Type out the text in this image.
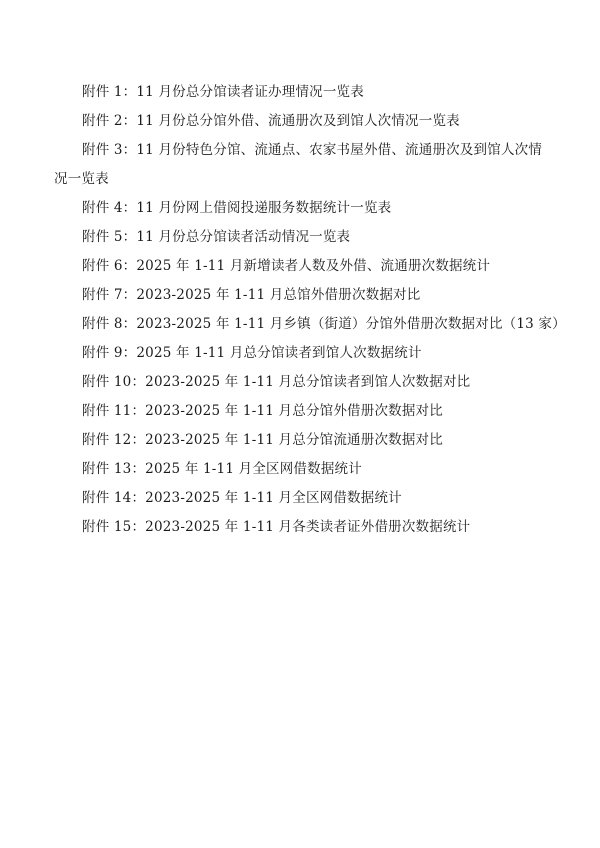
附件 1：11 月份总分馆读者证办理情况一览表
附件 2：11 月份总分馆外借、流通册次及到馆人次情况一览表
附件 3：11 月份特色分馆、流通点、农家书屋外借、流通册次及到馆人次情
况一览表
附件 4：11 月份网上借阅投递服务数据统计一览表
附件 5：11 月份总分馆读者活动情况一览表
附件 6：2025 年 1-11 月新增读者人数及外借、流通册次数据统计
附件 7：2023-2025 年 1-11 月总馆外借册次数据对比
附件 8：2023-2025 年 1-11 月乡镇（街道）分馆外借册次数据对比（13 家）
附件 9：2025 年 1-11 月总分馆读者到馆人次数据统计
附件 10：2023-2025 年 1-11 月总分馆读者到馆人次数据对比
附件 11：2023-2025 年 1-11 月总分馆外借册次数据对比
附件 12：2023-2025 年 1-11 月总分馆流通册次数据对比
附件 13：2025 年 1-11 月全区网借数据统计
附件 14：2023-2025 年 1-11 月全区网借数据统计
附件 15：2023-2025 年 1-11 月各类读者证外借册次数据统计
